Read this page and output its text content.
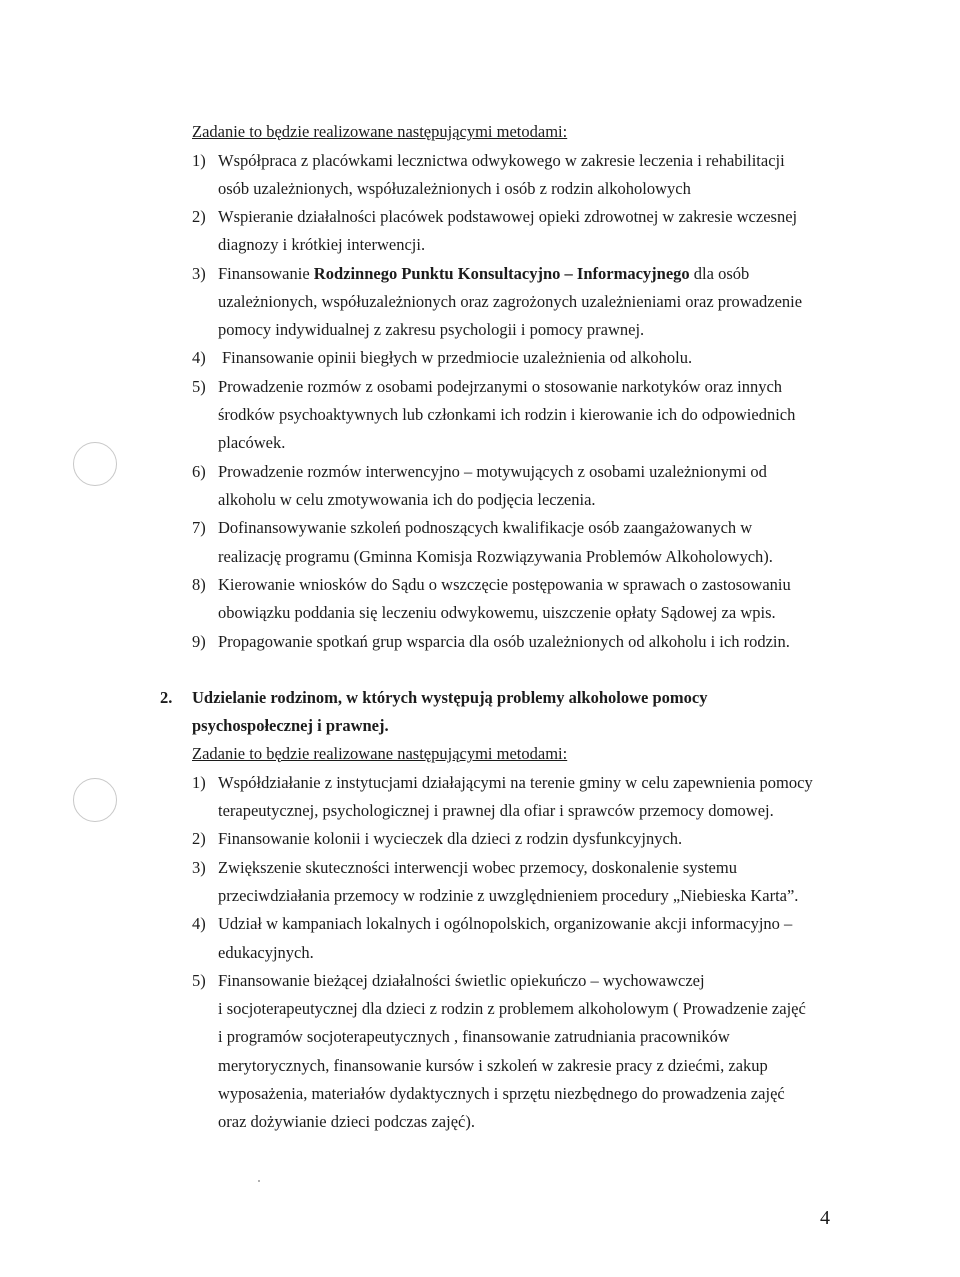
Zadanie to będzie realizowane następującymi metodami:
1) Współpraca z placówkami lecznictwa odwykowego w zakresie leczenia i rehabilitacji
osób uzależnionych, współuzależnionych i osób z rodzin alkoholowych
2) Wspieranie działalności placówek podstawowej opieki zdrowotnej w zakresie wczesnej
diagnozy i krótkiej interwencji.
3) Finansowanie Rodzinnego Punktu Konsultacyjno – Informacyjnego dla osób
uzależnionych, współuzależnionych oraz zagrożonych uzależnieniami oraz prowadzenie
pomocy indywidualnej z zakresu psychologii i pomocy prawnej.
4) Finansowanie opinii biegłych w przedmiocie uzależnienia od alkoholu.
5) Prowadzenie rozmów z osobami podejrzanymi o stosowanie narkotyków oraz innych
środków psychoaktywnych lub członkami ich rodzin i kierowanie ich do odpowiednich
placówek.
6) Prowadzenie rozmów interwencyjno – motywujących z osobami uzależnionymi od
alkoholu w celu zmotywowania ich do podjęcia leczenia.
7) Dofinansowywanie szkoleń podnoszących kwalifikacje osób zaangażowanych w
realizację programu (Gminna Komisja Rozwiązywania Problemów Alkoholowych).
8) Kierowanie wniosków do Sądu o wszczęcie postępowania w sprawach o zastosowaniu
obowiązku poddania się leczeniu odwykowemu, uiszczenie opłaty Sądowej za wpis.
9) Propagowanie spotkań grup wsparcia dla osób uzależnionych od alkoholu i ich rodzin.
2. Udzielanie rodzinom, w których występują problemy alkoholowe pomocy
psychospołecznej i prawnej.
Zadanie to będzie realizowane następującymi metodami:
1) Współdziałanie z instytucjami działającymi na terenie gminy w celu zapewnienia pomocy
terapeutycznej, psychologicznej i prawnej dla ofiar i sprawców przemocy domowej.
2) Finansowanie kolonii i wycieczek dla dzieci z rodzin dysfunkcyjnych.
3) Zwiększenie skuteczności interwencji wobec przemocy, doskonalenie systemu
przeciwdziałania przemocy w rodzinie z uwzględnieniem procedury „Niebieska Karta”.
4) Udział w kampaniach lokalnych i ogólnopolskich, organizowanie akcji informacyjno –
edukacyjnych.
5) Finansowanie bieżącej działalności świetlic opiekuńczo – wychowawczej
i socjoterapeutycznej dla dzieci z rodzin z problemem alkoholowym ( Prowadzenie zajęć
i programów socjoterapeutycznych , finansowanie zatrudniania pracowników
merytorycznych, finansowanie kursów i szkoleń w zakresie pracy z dziećmi, zakup
wyposażenia, materiałów dydaktycznych i sprzętu niezbędnego do prowadzenia zajęć
oraz dożywianie dzieci podczas zajęć).
4
